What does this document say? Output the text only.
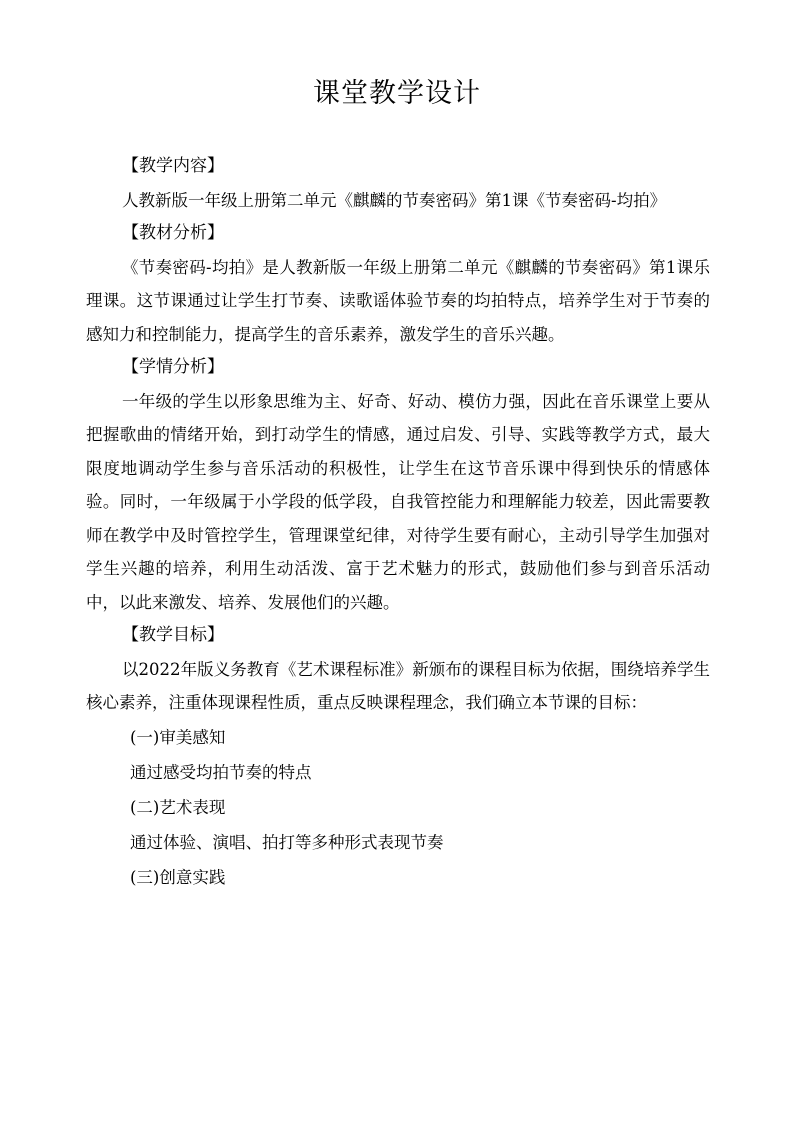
课堂教学设计
【教学内容】

人教新版一年级上册第二单元《麒麟的节奏密码》第1课《节奏密码-均拍》

【教材分析】

《节奏密码-均拍》是人教新版一年级上册第二单元《麒麟的节奏密码》第1课乐理课。这节课通过让学生打节奏、读歌谣体验节奏的均拍特点，培养学生对于节奏的感知力和控制能力，提高学生的音乐素养，激发学生的音乐兴趣。

【学情分析】

一年级的学生以形象思维为主、好奇、好动、模仿力强，因此在音乐课堂上要从把握歌曲的情绪开始，到打动学生的情感，通过启发、引导、实践等教学方式，最大限度地调动学生参与音乐活动的积极性，让学生在这节音乐课中得到快乐的情感体验。同时，一年级属于小学段的低学段，自我管控能力和理解能力较差，因此需要教师在教学中及时管控学生，管理课堂纪律，对待学生要有耐心，主动引导学生加强对学生兴趣的培养，利用生动活泼、富于艺术魅力的形式，鼓励他们参与到音乐活动中，以此来激发、培养、发展他们的兴趣。

【教学目标】

以2022年版义务教育《艺术课程标准》新颁布的课程目标为依据，围绕培养学生核心素养，注重体现课程性质，重点反映课程理念，我们确立本节课的目标：

(一)审美感知
通过感受均拍节奏的特点
(二)艺术表现
通过体验、演唱、拍打等多种形式表现节奏
(三)创意实践
